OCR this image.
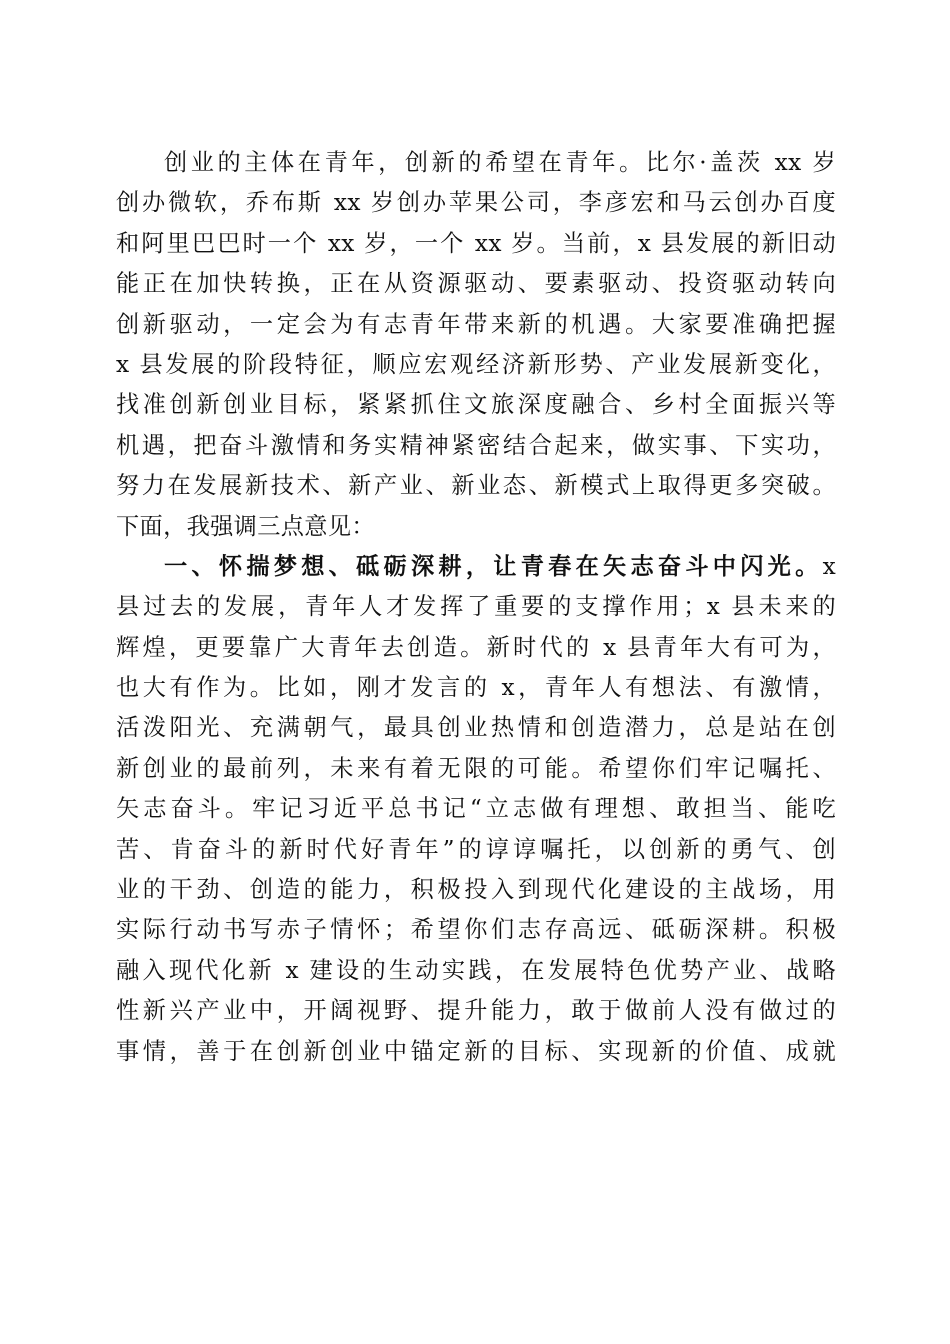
创业的主体在青年，创新的希望在青年。比尔·盖茨 xx 岁
创办微软，乔布斯 xx 岁创办苹果公司，李彦宏和马云创办百度
和阿里巴巴时一个 xx 岁，一个 xx 岁。当前，x 县发展的新旧动
能正在加快转换，正在从资源驱动、要素驱动、投资驱动转向
创新驱动，一定会为有志青年带来新的机遇。大家要准确把握
x 县发展的阶段特征，顺应宏观经济新形势、产业发展新变化，
找准创新创业目标，紧紧抓住文旅深度融合、乡村全面振兴等
机遇，把奋斗激情和务实精神紧密结合起来，做实事、下实功，
努力在发展新技术、新产业、新业态、新模式上取得更多突破。
下面，我强调三点意见：
一、怀揣梦想、砥砺深耕，让青春在矢志奋斗中闪光。x
县过去的发展，青年人才发挥了重要的支撑作用；x 县未来的
辉煌，更要靠广大青年去创造。新时代的 x 县青年大有可为，
也大有作为。比如，刚才发言的 x，青年人有想法、有激情，
活泼阳光、充满朝气，最具创业热情和创造潜力，总是站在创
新创业的最前列，未来有着无限的可能。希望你们牢记嘱托、
矢志奋斗。牢记习近平总书记“立志做有理想、敢担当、能吃
苦、肯奋斗的新时代好青年”的谆谆嘱托，以创新的勇气、创
业的干劲、创造的能力，积极投入到现代化建设的主战场，用
实际行动书写赤子情怀；希望你们志存高远、砥砺深耕。积极
融入现代化新 x 建设的生动实践，在发展特色优势产业、战略
性新兴产业中，开阔视野、提升能力，敢于做前人没有做过的
事情，善于在创新创业中锚定新的目标、实现新的价值、成就
